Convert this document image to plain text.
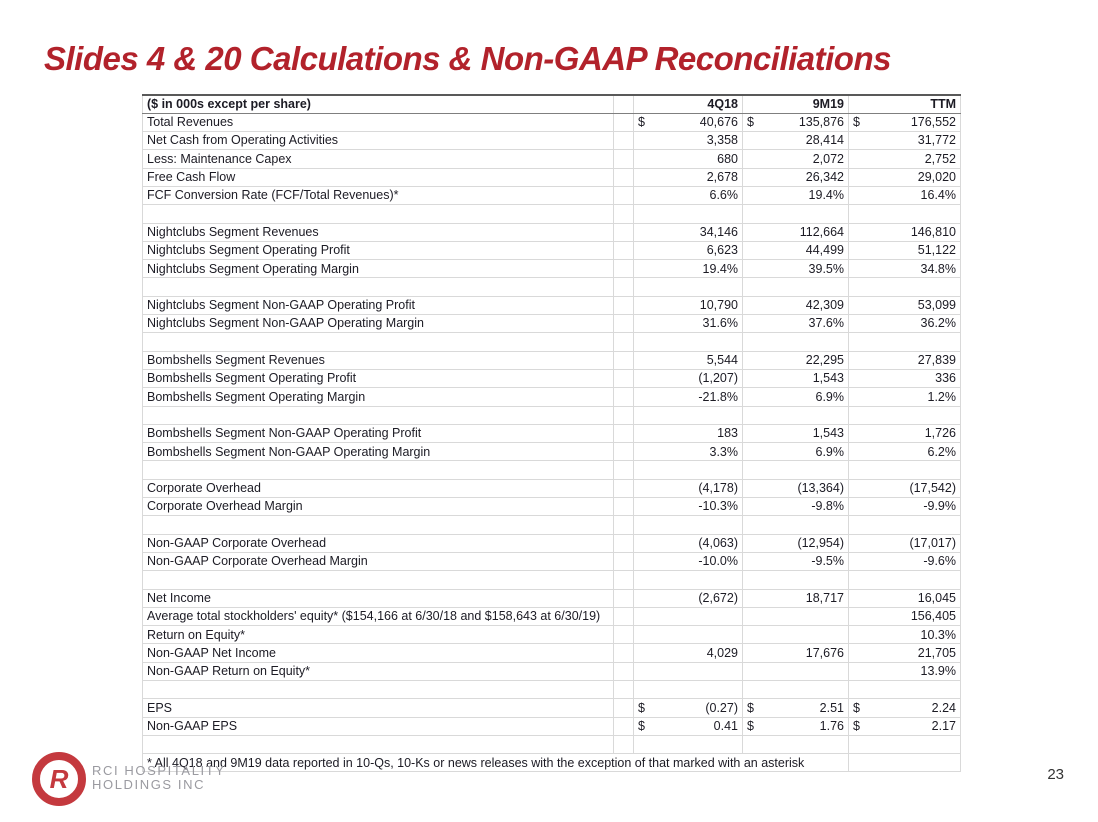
Slides 4 & 20 Calculations & Non-GAAP Reconciliations
($ in 000s except per share)		4Q18	9M19	TTM
Total Revenues		$ 40,676	$ 135,876	$ 176,552

Net Cash from Operating Activities		3,358	28,414	31,772
Less: Maintenance Capex		680	2,072	2,752
Free Cash Flow		2,678	26,342	29,020
FCF Conversion Rate (FCF/Total Revenues)*		6.6%	19.4%	16.4%

Nightclubs Segment Revenues		34,146	112,664	146,810
Nightclubs Segment Operating Profit		6,623	44,499	51,122
Nightclubs Segment Operating Margin		19.4%	39.5%	34.8%

Nightclubs Segment Non-GAAP Operating Profit		10,790	42,309	53,099
Nightclubs Segment Non-GAAP Operating Margin		31.6%	37.6%	36.2%

Bombshells Segment Revenues		5,544	22,295	27,839
Bombshells Segment Operating Profit		(1,207)	1,543	336
Bombshells Segment Operating Margin		-21.8%	6.9%	1.2%

Bombshells Segment Non-GAAP Operating Profit		183	1,543	1,726
Bombshells Segment Non-GAAP Operating Margin		3.3%	6.9%	6.2%

Corporate Overhead		(4,178)	(13,364)	(17,542)
Corporate Overhead Margin		-10.3%	-9.8%	-9.9%

Non-GAAP Corporate Overhead		(4,063)	(12,954)	(17,017)
Non-GAAP Corporate Overhead Margin		-10.0%	-9.5%	-9.6%

Net Income		(2,672)	18,717	16,045
Average total stockholders' equity* ($154,166 at 6/30/18 and $158,643 at 6/30/19)				156,405
Return on Equity*				10.3%
Non-GAAP Net Income		4,029	17,676	21,705
Non-GAAP Return on Equity*				13.9%

EPS		$ (0.27)	$ 2.51	$ 2.24

Non-GAAP EPS		$ 0.41	$ 1.76	$ 2.17

* All 4Q18 and 9M19 data reported in 10-Qs, 10-Ks or news releases with the exception of that marked with an asterisk				
R RCI HOSPITALITY
HOLDINGS INC
23
